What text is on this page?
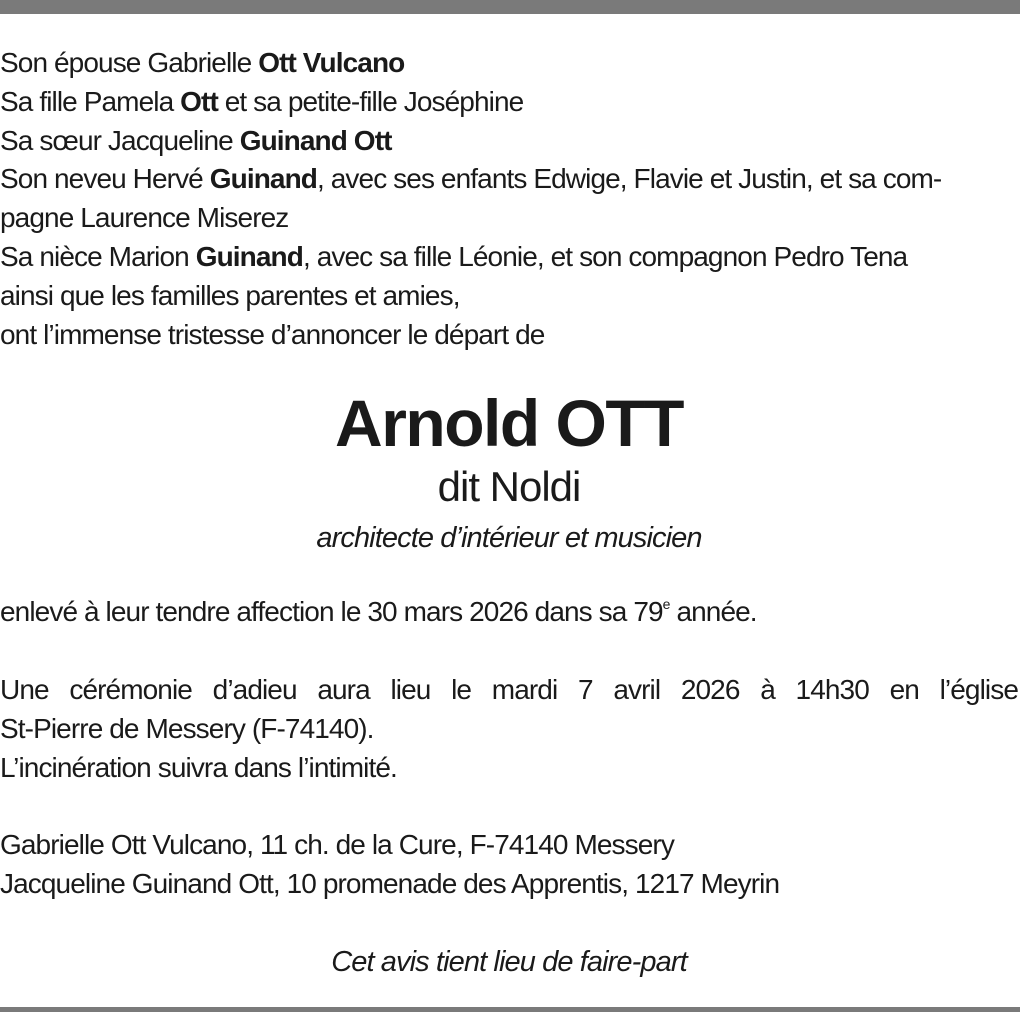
Son épouse Gabrielle Ott Vulcano
Sa fille Pamela Ott et sa petite-fille Joséphine
Sa sœur Jacqueline Guinand Ott
Son neveu Hervé Guinand, avec ses enfants Edwige, Flavie et Justin, et sa com-
pagne Laurence Miserez
Sa nièce Marion Guinand, avec sa fille Léonie, et son compagnon Pedro Tena
ainsi que les familles parentes et amies,
ont l’immense tristesse d’annoncer le départ de
Arnold OTT
dit Noldi
architecte d’intérieur et musicien
enlevé à leur tendre affection le 30 mars 2026 dans sa 79e année.
Une cérémonie d’adieu aura lieu le mardi 7 avril 2026 à 14h30 en l’église
St-Pierre de Messery (F-74140).
L’incinération suivra dans l’intimité.
Gabrielle Ott Vulcano, 11 ch. de la Cure, F-74140 Messery
Jacqueline Guinand Ott, 10 promenade des Apprentis, 1217 Meyrin
Cet avis tient lieu de faire-part
